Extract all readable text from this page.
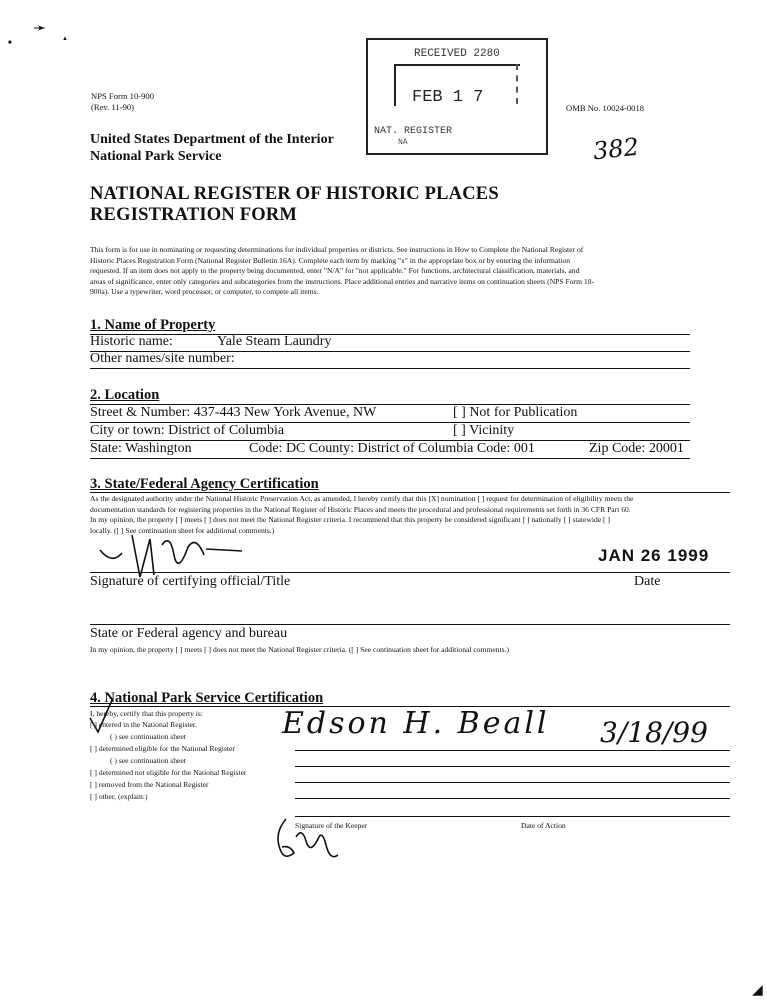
➛
■
▲
◢
NPS Form 10-900
(Rev. 11-90)	OMB No. 10024-0018
United States Department of the Interior
National Park Service
RECEIVED 2280
FEB 1 7
NAT. REGISTER
NA	382
NATIONAL REGISTER OF HISTORIC PLACES
REGISTRATION FORM
This form is for use in nominating or requesting determinations for individual properties or districts. See instructions in How to Complete the National Register of
Historic Places Registration Form (National Register Bulletin 16A). Complete each item by marking "x" in the appropriate box or by entering the information
requested. If an item does not apply to the property being documented, enter "N/A" for "not applicable." For functions, architectural classification, materials, and
areas of significance, enter only categories and subcategories from the instructions. Place additional entries and narrative items on continuation sheets (NPS Form 10-
900a). Use a typewriter, word processor, or computer, to compete all items.
1. Name of Property
Historic name:	Yale Steam Laundry
Other names/site number:
2. Location
Street & Number: 437-443 New York Avenue, NW	[ ] Not for Publication
City or town: District of Columbia	[ ] Vicinity
State: Washington	Code: DC County: District of Columbia Code: 001	Zip Code: 20001
3. State/Federal Agency Certification
As the designated authority under the National Historic Preservation Act, as amended, I hereby certify that this [X] nomination [ ] request for determination of eligibility meets the
documentation standards for registering properties in the National Register of Historic Places and meets the procedural and professional requirements set forth in 36 CFR Part 60.
In my opinion, the property [ ] meets [ ] does not meet the National Register criteria. I recommend that this property be considered significant [ ] nationally [ ] statewide [ ]
locally. ([ ] See continuation sheet for additional comments.)
JAN 26 1999
Signature of certifying official/Title	Date
State or Federal agency and bureau
In my opinion, the property [ ] meets [ ] does not meet the National Register criteria. ([ ] See continuation sheet for additional comments.)
4. National Park Service Certification
I, hereby, certify that this property is:
[ ] entered in the National Register.
( ) see continuation sheet
[ ] determined eligible for the National Register
( ) see continuation sheet
[ ] determined not eligible for the National Register
[ ] removed from the National Register
[ ] other, (explain:)
Edson H. Beall 3/18/99
Signature of the Keeper	Date of Action
